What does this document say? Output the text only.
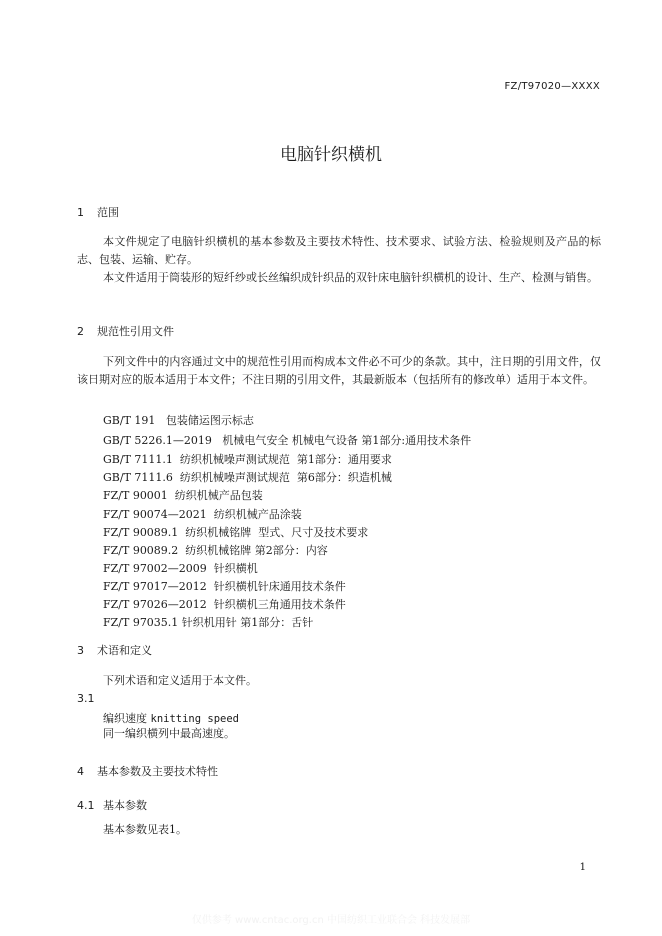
FZ/T97020—XXXX
电脑针织横机
1 范围
本文件规定了电脑针织横机的基本参数及主要技术特性、技术要求、试验方法、检验规则及产品的标志、包装、运输、贮存。
本文件适用于筒装形的短纤纱或长丝编织成针织品的双针床电脑针织横机的设计、生产、检测与销售。
2 规范性引用文件
下列文件中的内容通过文中的规范性引用而构成本文件必不可少的条款。其中，注日期的引用文件，仅该日期对应的版本适用于本文件；不注日期的引用文件，其最新版本（包括所有的修改单）适用于本文件。
GB/T 191   包装储运图示标志
GB/T 5226.1—2019   机械电气安全 机械电气设备 第1部分:通用技术条件
GB/T 7111.1  纺织机械噪声测试规范  第1部分：通用要求
GB/T 7111.6  纺织机械噪声测试规范  第6部分：织造机械
FZ/T 90001  纺织机械产品包装
FZ/T 90074—2021  纺织机械产品涂装
FZ/T 90089.1  纺织机械铭牌  型式、尺寸及技术要求
FZ/T 90089.2  纺织机械铭牌 第2部分：内容
FZ/T 97002—2009  针织横机
FZ/T 97017—2012  针织横机针床通用技术条件
FZ/T 97026—2012  针织横机三角通用技术条件
FZ/T 97035.1 针织机用针 第1部分：舌针
3 术语和定义
下列术语和定义适用于本文件。
3.1
编织速度 knitting speed
同一编织横列中最高速度。
4 基本参数及主要技术特性
4.1 基本参数
基本参数见表1。
1
仅供参考 www.cntac.org.cn 中国纺织工业联合会 科技发展部
